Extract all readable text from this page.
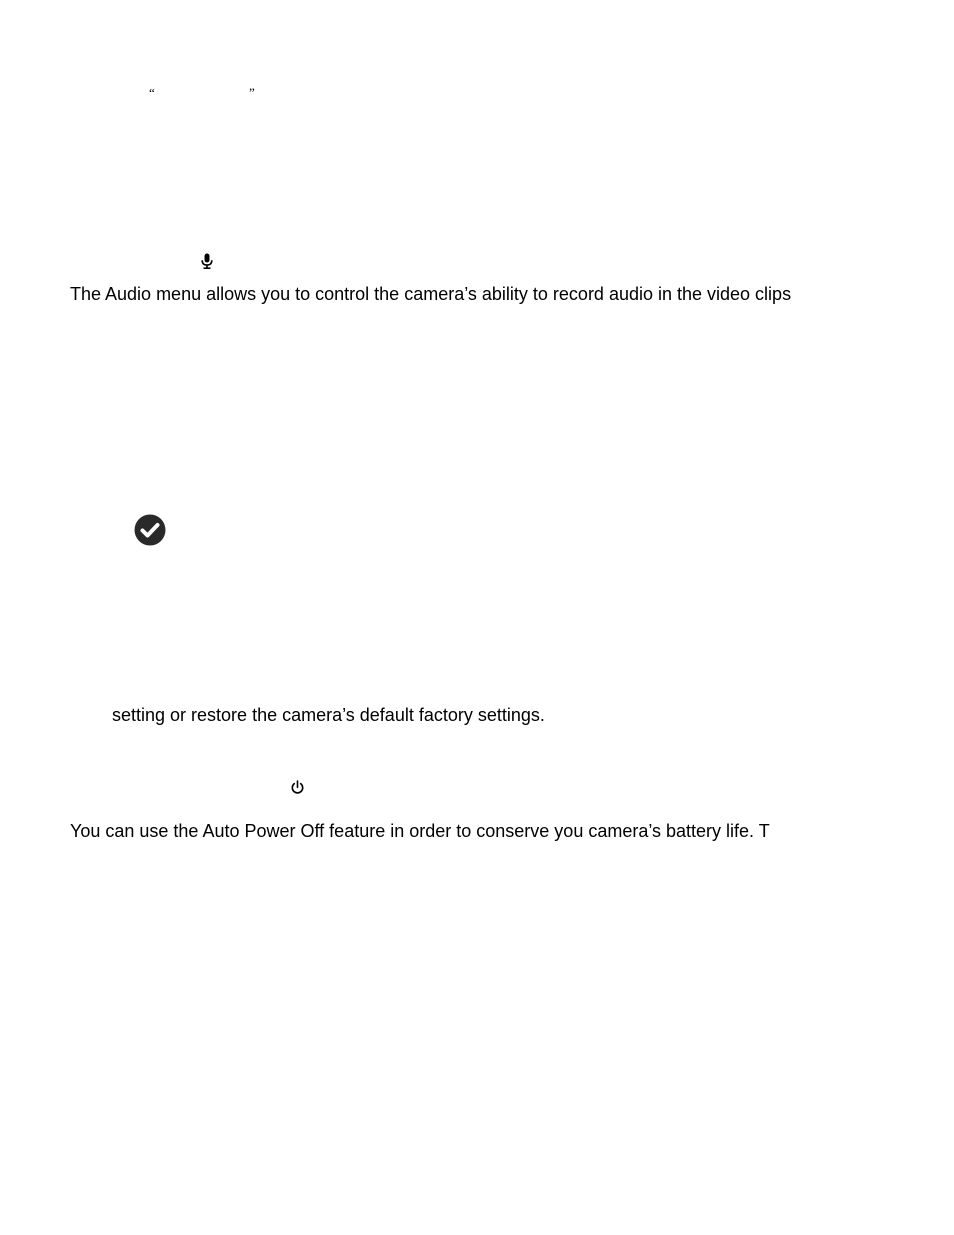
“	”
The Audio menu allows you to control the camera’s ability to record audio in the video clips
setting or restore the camera’s default factory settings.
You can use the Auto Power Off feature in order to conserve you camera’s battery life. T
